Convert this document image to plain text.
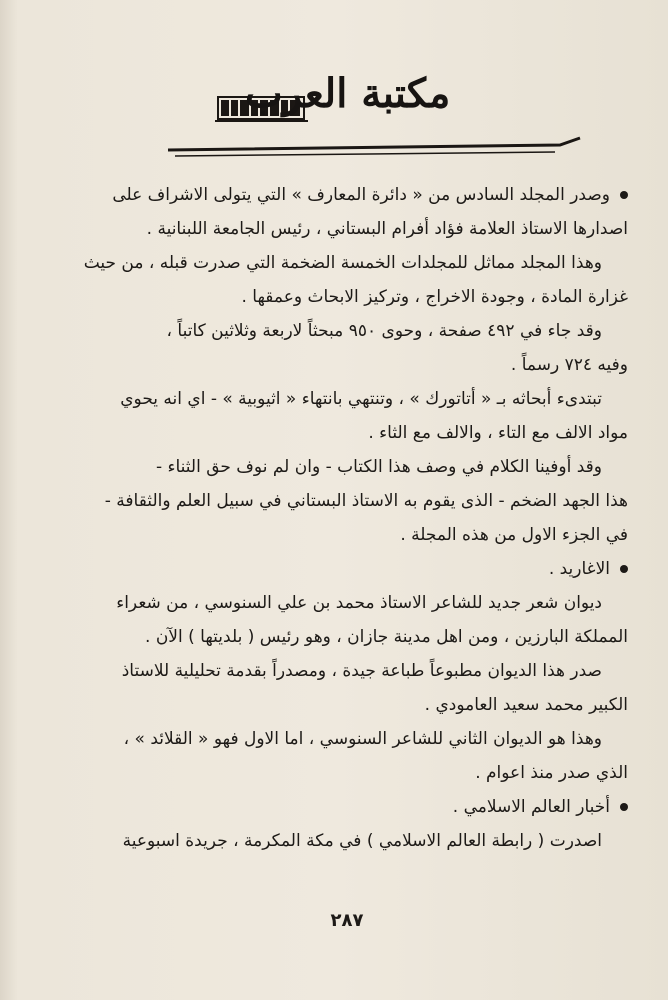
مكتبة العرب

وصدر المجلد السادس من « دائرة المعارف » التي يتولى الاشراف على
اصدارها الاستاذ العلامة فؤاد أفرام البستاني ، رئيس الجامعة اللبنانية .

وهذا المجلد مماثل للمجلدات الخمسة الضخمة التي صدرت قبله ، من حيث
غزارة المادة ، وجودة الاخراج ، وتركيز الابحاث وعمقها .

وقد جاء في ٤٩٢ صفحة ، وحوى ٩٥٠ مبحثاً لاربعة وثلاثين كاتباً ،
وفيه ٧٢٤ رسماً .

تبتدىء أبحاثه بـ « أتاتورك » ، وتنتهي بانتهاء « اثيوبية » - اي انه يحوي
مواد الالف مع التاء ، والالف مع الثاء .

وقد أوفينا الكلام في وصف هذا الكتاب - وان لم نوف حق الثناء -
هذا الجهد الضخم - الذى يقوم به الاستاذ البستاني في سبيل العلم والثقافة -
في الجزء الاول من هذه المجلة .

الاغاريد .

ديوان شعر جديد للشاعر الاستاذ محمد بن علي السنوسي ، من شعراء
المملكة البارزين ، ومن اهل مدينة جازان ، وهو رئيس ( بلديتها ) الآن .

صدر هذا الديوان مطبوعاً طباعة جيدة ، ومصدراً بقدمة تحليلية للاستاذ
الكبير محمد سعيد العامودي .

وهذا هو الديوان الثاني للشاعر السنوسي ، اما الاول فهو « القلائد » ،
الذي صدر منذ اعوام .

أخبار العالم الاسلامي .

اصدرت ( رابطة العالم الاسلامي ) في مكة المكرمة ، جريدة اسبوعية

٢٨٧
